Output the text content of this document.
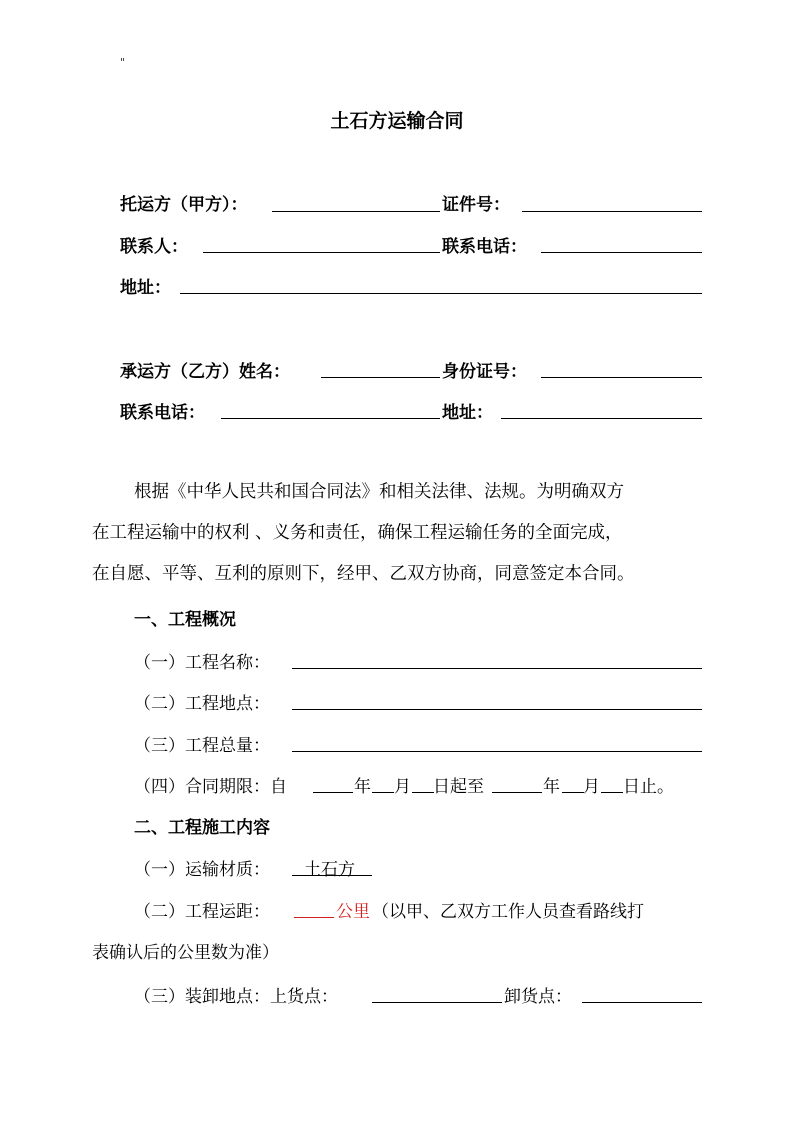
"
土石方运输合同
托运方（甲方）：	证件号：
联系人：	联系电话：
地址：
承运方（乙方）姓名：	身份证号：
联系电话：	地址：
根据《中华人民共和国合同法》和相关法律、法规。为明确双方
在工程运输中的权利 、义务和责任，确保工程运输任务的全面完成，
在自愿、平等、互利的原则下，经甲、乙双方协商，同意签定本合同。
一、工程概况
（一）工程名称：
（二）工程地点：
（三）工程总量：
（四）合同期限：自	年 月 日起至	年 月 日止。
二、工程施工内容
（一）运输材质： 土石方
（二）工程运距：	公里 （以甲、乙双方工作人员查看路线打
表确认后的公里数为准）
（三）装卸地点：上货点：	卸货点：
